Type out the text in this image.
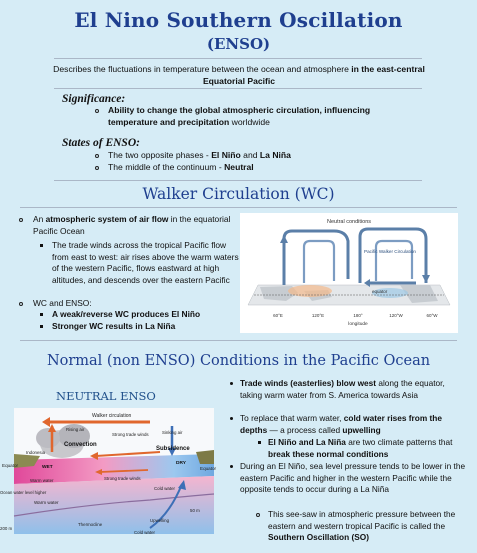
El Nino Southern Oscillation
(ENSO)
Describes the fluctuations in temperature between the ocean and atmosphere in the east-central Equatorial Pacific
Significance:
Ability to change the global atmospheric circulation, influencing temperature and precipitation worldwide
States of ENSO:
The two opposite phases - El Niño and La Niña
The middle of the continuum - Neutral
Walker Circulation (WC)
An atmospheric system of air flow in the equatorial Pacific Ocean
The trade winds across the tropical Pacific flow from east to west: air rises above the warm waters of the western Pacific, flows eastward at high altitudes, and descends over the eastern Pacific
WC and ENSO:
A weak/reverse WC produces El Niño
Stronger WC results in La Niña
Neutral conditions
equator
Pacific Walker Circulation
60°E	120°E	180°	120°W	60°W
longitude
Normal (non ENSO) Conditions in the Pacific Ocean
NEUTRAL ENSO
Walker circulation
Rising air
Convection
Strong trade winds	Sinking air
Subsidence
Indonesia
Equator	WET
DRY
Equator
Strong trade winds
Warm water
Cold water
Ocean water level higher
Warm water
50 m
Upwelling
200 m
Thermocline
Cold water
Trade winds (easterlies) blow west along the equator, taking warm water from S. America towards Asia
To replace that warm water, cold water rises from the depths — a process called upwelling
El Niño and La Niña are two climate patterns that break these normal conditions
During an El Niño, sea level pressure tends to be lower in the eastern Pacific and higher in the western Pacific while the opposite tends to occur during a La Niña
This see-saw in atmospheric pressure between the eastern and western tropical Pacific is called the Southern Oscillation (SO)
